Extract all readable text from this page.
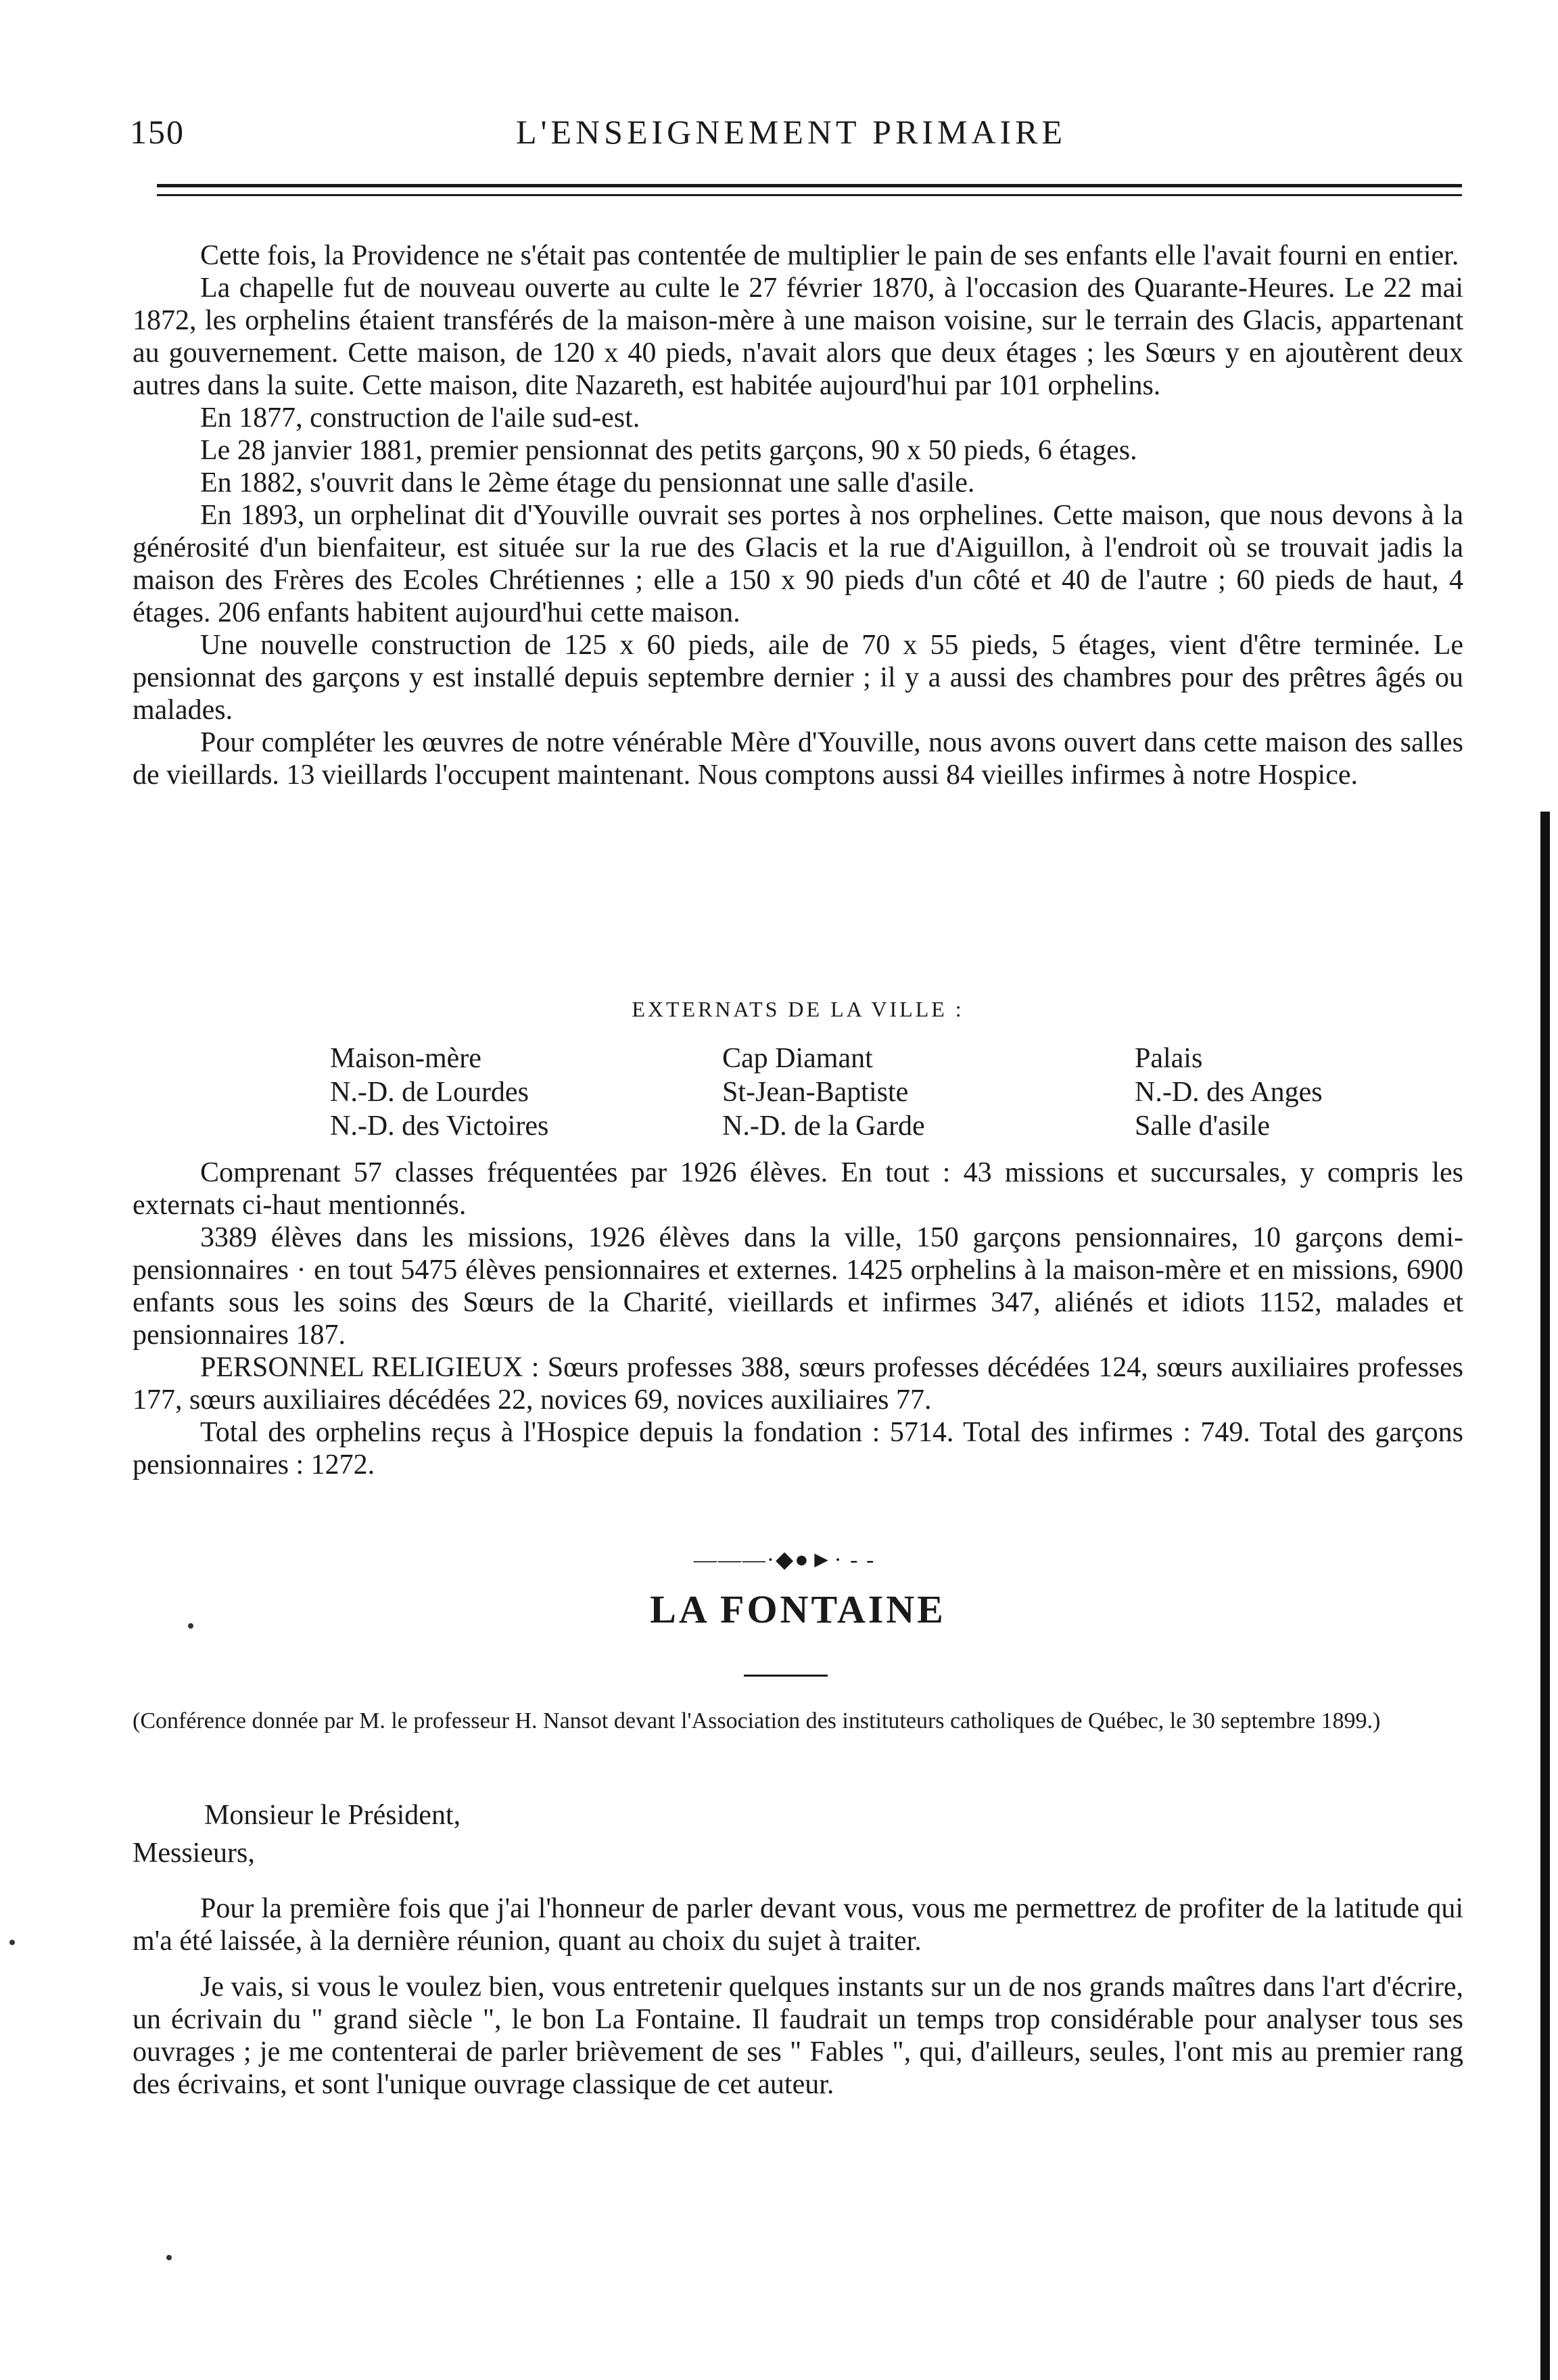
150	L'ENSEIGNEMENT PRIMAIRE

Cette fois, la Providence ne s'était pas contentée de multiplier le pain de ses enfants elle l'avait fourni en entier.

La chapelle fut de nouveau ouverte au culte le 27 février 1870, à l'occasion des Quarante-Heures. Le 22 mai 1872, les orphelins étaient transférés de la maison-mère à une maison voisine, sur le terrain des Glacis, appartenant au gouvernement. Cette maison, de 120 x 40 pieds, n'avait alors que deux étages ; les Sœurs y en ajoutèrent deux autres dans la suite. Cette maison, dite Nazareth, est habitée aujourd'hui par 101 orphelins.

En 1877, construction de l'aile sud-est.

Le 28 janvier 1881, premier pensionnat des petits garçons, 90 x 50 pieds, 6 étages.

En 1882, s'ouvrit dans le 2ème étage du pensionnat une salle d'asile.

En 1893, un orphelinat dit d'Youville ouvrait ses portes à nos orphelines. Cette maison, que nous devons à la générosité d'un bienfaiteur, est située sur la rue des Glacis et la rue d'Aiguillon, à l'endroit où se trouvait jadis la maison des Frères des Ecoles Chrétiennes ; elle a 150 x 90 pieds d'un côté et 40 de l'autre ; 60 pieds de haut, 4 étages. 206 enfants habitent aujourd'hui cette maison.

Une nouvelle construction de 125 x 60 pieds, aile de 70 x 55 pieds, 5 étages, vient d'être terminée. Le pensionnat des garçons y est installé depuis septembre dernier ; il y a aussi des chambres pour des prêtres âgés ou malades.

Pour compléter les œuvres de notre vénérable Mère d'Youville, nous avons ouvert dans cette maison des salles de vieillards. 13 vieillards l'occupent maintenant. Nous comptons aussi 84 vieilles infirmes à notre Hospice.

EXTERNATS DE LA VILLE :
Maison-mère	Cap Diamant	Palais
N.-D. de Lourdes	St-Jean-Baptiste	N.-D. des Anges
N.-D. des Victoires	N.-D. de la Garde	Salle d'asile

Comprenant 57 classes fréquentées par 1926 élèves. En tout : 43 missions et succursales, y compris les externats ci-haut mentionnés.

3389 élèves dans les missions, 1926 élèves dans la ville, 150 garçons pensionnaires, 10 garçons demi-pensionnaires · en tout 5475 élèves pensionnaires et externes. 1425 orphelins à la maison-mère et en missions, 6900 enfants sous les soins des Sœurs de la Charité, vieillards et infirmes 347, aliénés et idiots 1152, malades et pensionnaires 187.

PERSONNEL RELIGIEUX : Sœurs professes 388, sœurs professes décédées 124, sœurs auxiliaires professes 177, sœurs auxiliaires décédées 22, novices 69, novices auxiliaires 77.

Total des orphelins reçus à l'Hospice depuis la fondation : 5714. Total des infirmes : 749. Total des garçons pensionnaires : 1272.

———·◆●►· - -
LA FONTAINE
(Conférence donnée par M. le professeur H. Nansot devant l'Association des instituteurs catholiques de Québec, le 30 septembre 1899.)
Monsieur le Président,
Messieurs,

Pour la première fois que j'ai l'honneur de parler devant vous, vous me permettrez de profiter de la latitude qui m'a été laissée, à la dernière réunion, quant au choix du sujet à traiter.

Je vais, si vous le voulez bien, vous entretenir quelques instants sur un de nos grands maîtres dans l'art d'écrire, un écrivain du " grand siècle ", le bon La Fontaine. Il faudrait un temps trop considérable pour analyser tous ses ouvrages ; je me contenterai de parler brièvement de ses " Fables ", qui, d'ailleurs, seules, l'ont mis au premier rang des écrivains, et sont l'unique ouvrage classique de cet auteur.
